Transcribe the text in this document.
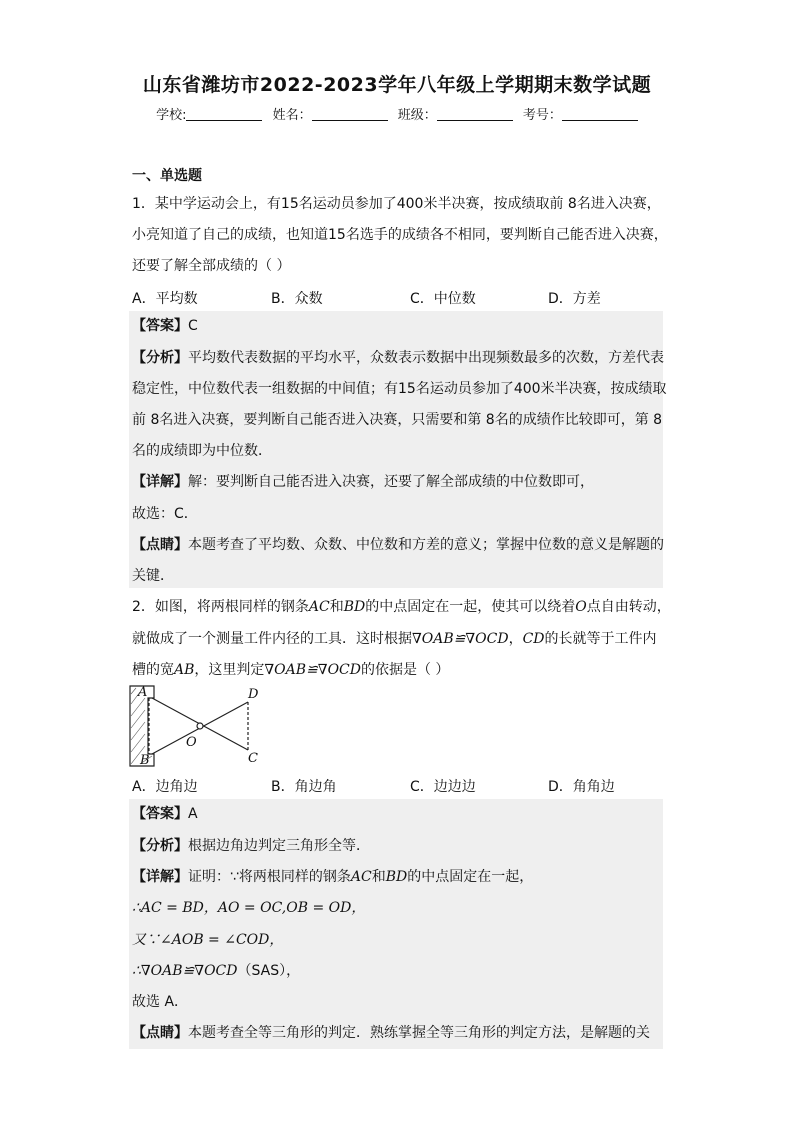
山东省潍坊市2022-2023学年八年级上学期期末数学试题
学校:	姓名：	班级：	考号：
一、单选题
1．某中学运动会上，有15名运动员参加了400米半决赛，按成绩取前 8名进入决赛，
小亮知道了自己的成绩，也知道15名选手的成绩各不相同，要判断自己能否进入决赛，
还要了解全部成绩的（ ）
A．平均数	B．众数	C．中位数	D．方差
【答案】C
【分析】平均数代表数据的平均水平，众数表示数据中出现频数最多的次数，方差代表
稳定性，中位数代表一组数据的中间值；有15名运动员参加了400米半决赛，按成绩取
前 8名进入决赛，要判断自己能否进入决赛，只需要和第 8名的成绩作比较即可，第 8
名的成绩即为中位数．
【详解】解：要判断自己能否进入决赛，还要了解全部成绩的中位数即可，
故选：C．
【点睛】本题考查了平均数、众数、中位数和方差的意义；掌握中位数的意义是解题的
关键．
2．如图，将两根同样的钢条AC和BD的中点固定在一起，使其可以绕着O点自由转动，
就做成了一个测量工件内径的工具．这时根据∇OAB≌∇OCD，CD的长就等于工件内
槽的宽AB，这里判定∇OAB≌∇OCD的依据是（ ）
A
B	C
D
O
A．边角边	B．角边角	C．边边边	D．角角边
【答案】A
【分析】根据边角边判定三角形全等．
【详解】证明：∵将两根同样的钢条AC和BD的中点固定在一起，
∴AC = BD，AO = OC,OB = OD，
又∵∠AOB = ∠COD，
∴∇OAB≌∇OCD（SAS），
故选 A．
【点睛】本题考查全等三角形的判定．熟练掌握全等三角形的判定方法，是解题的关
